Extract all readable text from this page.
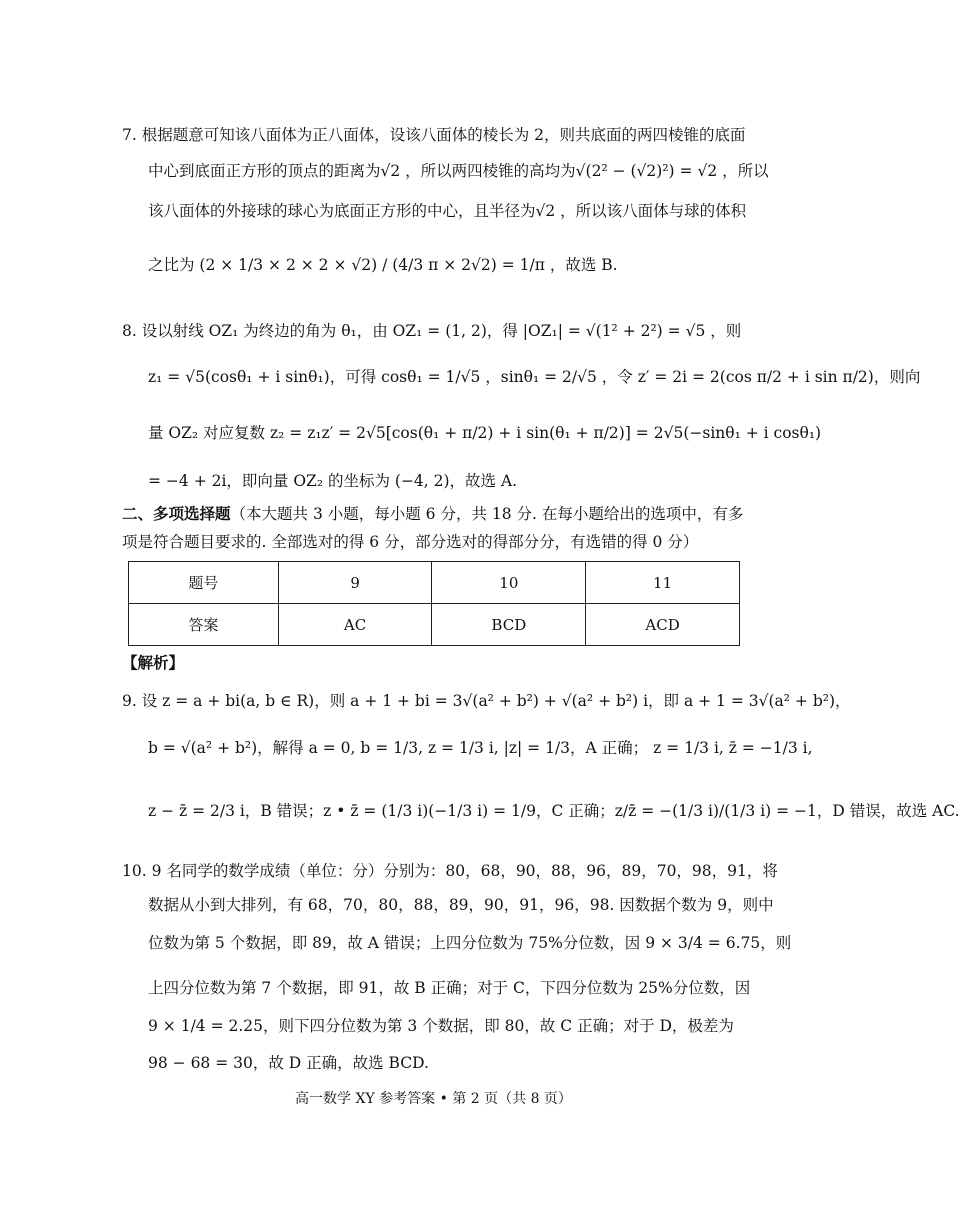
7. 根据题意可知该八面体为正八面体，设该八面体的棱长为 2，则共底面的两四棱锥的底面
中心到底面正方形的顶点的距离为√2 ，所以两四棱锥的高均为√(2² − (√2)²) = √2 ，所以
该八面体的外接球的球心为底面正方形的中心，且半径为√2 ，所以该八面体与球的体积
之比为 (2 × 1/3 × 2 × 2 × √2) / (4/3 π × 2√2) = 1/π ，故选 B.
8. 设以射线 OZ₁ 为终边的角为 θ₁，由 OZ₁ = (1, 2)，得 |OZ₁| = √(1² + 2²) = √5 ，则
z₁ = √5(cosθ₁ + i sinθ₁)，可得 cosθ₁ = 1/√5 ，sinθ₁ = 2/√5 ，令 z′ = 2i = 2(cos π/2 + i sin π/2)，则向
量 OZ₂ 对应复数 z₂ = z₁z′ = 2√5[cos(θ₁ + π/2) + i sin(θ₁ + π/2)] = 2√5(−sinθ₁ + i cosθ₁)
= −4 + 2i，即向量 OZ₂ 的坐标为 (−4, 2)，故选 A.
二、多项选择题（本大题共 3 小题，每小题 6 分，共 18 分. 在每小题给出的选项中，有多
项是符合题目要求的. 全部选对的得 6 分，部分选对的得部分分，有选错的得 0 分）
题号	9	10	11
答案	AC	BCD	ACD
【解析】
9. 设 z = a + bi(a, b ∈ R)，则 a + 1 + bi = 3√(a² + b²) + √(a² + b²) i，即 a + 1 = 3√(a² + b²)，
b = √(a² + b²)，解得 a = 0, b = 1/3, z = 1/3 i, |z| = 1/3，A 正确； z = 1/3 i, z̄ = −1/3 i,
z − z̄ = 2/3 i，B 错误；z • z̄ = (1/3 i)(−1/3 i) = 1/9，C 正确；z/z̄ = −(1/3 i)/(1/3 i) = −1，D 错误，故选 AC.
10. 9 名同学的数学成绩（单位：分）分别为：80，68，90，88，96，89，70，98，91，将
数据从小到大排列，有 68，70，80，88，89，90，91，96，98. 因数据个数为 9，则中
位数为第 5 个数据，即 89，故 A 错误；上四分位数为 75%分位数，因 9 × 3/4 = 6.75，则
上四分位数为第 7 个数据，即 91，故 B 正确；对于 C，下四分位数为 25%分位数，因
9 × 1/4 = 2.25，则下四分位数为第 3 个数据，即 80，故 C 正确；对于 D，极差为
98 − 68 = 30，故 D 正确，故选 BCD.
高一数学 XY 参考答案 • 第 2 页（共 8 页）
